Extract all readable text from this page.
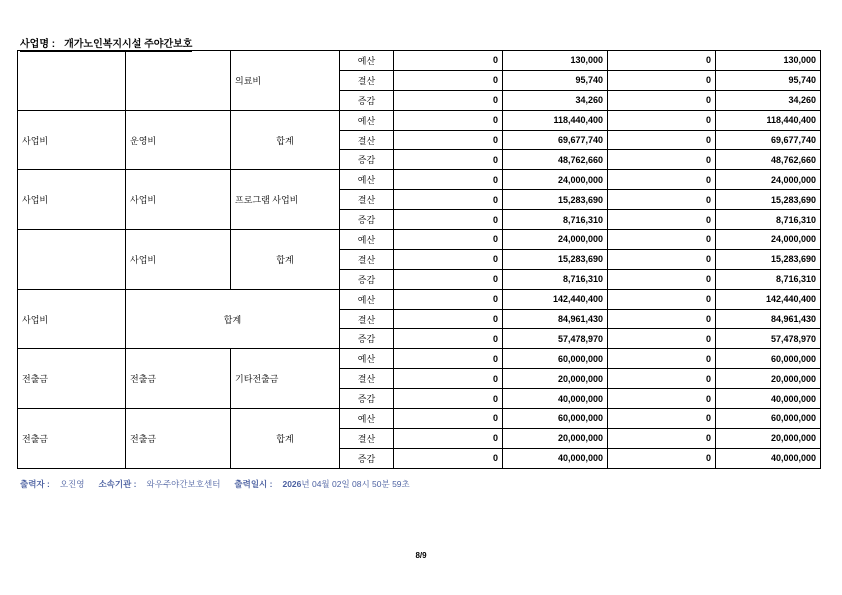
사업명 : 개가노인복지시설 주야간보호
		의료비	예산	0	130,000	0	130,000
			결산	0	95,740	0	95,740
			증감	0	34,260	0	34,260
사업비	운영비	합계	예산	0	118,440,400	0	118,440,400
			결산	0	69,677,740	0	69,677,740
			증감	0	48,762,660	0	48,762,660
사업비	사업비	프로그램 사업비	예산	0	24,000,000	0	24,000,000
			결산	0	15,283,690	0	15,283,690
			증감	0	8,716,310	0	8,716,310
	사업비	합계	예산	0	24,000,000	0	24,000,000
			결산	0	15,283,690	0	15,283,690
			증감	0	8,716,310	0	8,716,310
사업비	합계		예산	0	142,440,400	0	142,440,400
			결산	0	84,961,430	0	84,961,430
			증감	0	57,478,970	0	57,478,970
전출금	전출금	기타전출금	예산	0	60,000,000	0	60,000,000
			결산	0	20,000,000	0	20,000,000
			증감	0	40,000,000	0	40,000,000
전출금	전출금	합계	예산	0	60,000,000	0	60,000,000
			결산	0	20,000,000	0	20,000,000
			증감	0	40,000,000	0	40,000,000
출력자 : 오진영 소속기관 : 와우주야간보호센터 출력일시 : 2026년 04월 02일 08시 50분 59초
8/9
